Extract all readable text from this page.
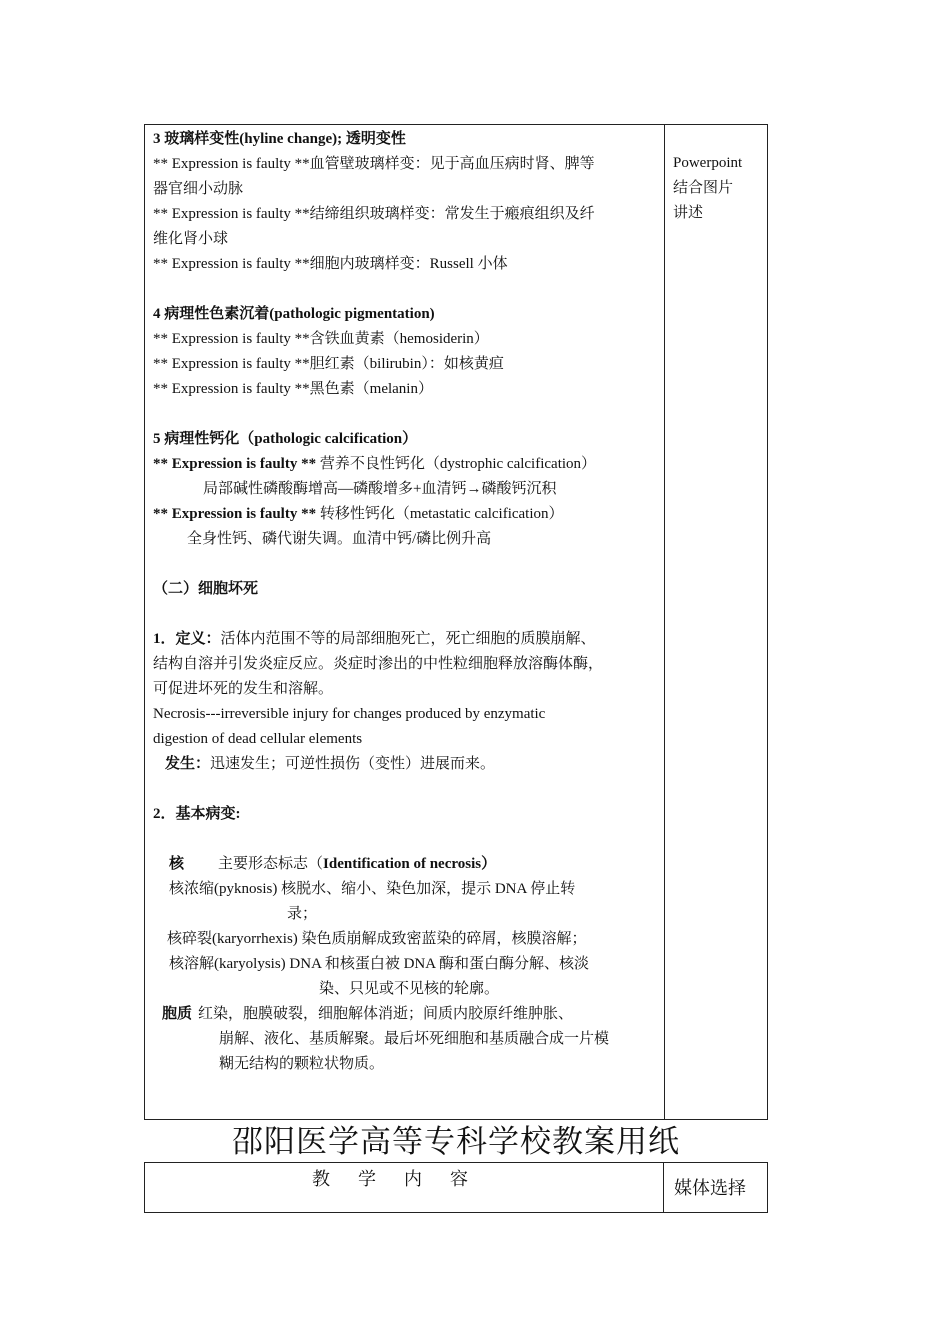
3 玻璃样变性(hyline change); 透明变性
** Expression is faulty **血管壁玻璃样变：见于高血压病时肾、脾等
器官细小动脉
** Expression is faulty **结缔组织玻璃样变：常发生于瘢痕组织及纤
维化肾小球
** Expression is faulty **细胞内玻璃样变：Russell 小体
4 病理性色素沉着(pathologic pigmentation)
** Expression is faulty **含铁血黄素（hemosiderin）
** Expression is faulty **胆红素（bilirubin）：如核黄疸
** Expression is faulty **黑色素（melanin）
5 病理性钙化（pathologic calcification）
** Expression is faulty ** 营养不良性钙化（dystrophic calcification）
局部碱性磷酸酶增高—磷酸增多+血清钙→磷酸钙沉积
** Expression is faulty ** 转移性钙化（metastatic calcification）
全身性钙、磷代谢失调。血清中钙/磷比例升高
（二）细胞坏死
1．定义：活体内范围不等的局部细胞死亡，死亡细胞的质膜崩解、
结构自溶并引发炎症反应。炎症时渗出的中性粒细胞释放溶酶体酶，
可促进坏死的发生和溶解。
Necrosis---irreversible injury for changes produced by enzymatic
digestion of dead cellular elements
发生：迅速发生；可逆性损伤（变性）进展而来。
2．基本病变:
核 主要形态标志（Identification of necrosis）
核浓缩(pyknosis) 核脱水、缩小、染色加深，提示 DNA 停止转
录；
核碎裂(karyorrhexis) 染色质崩解成致密蓝染的碎屑，核膜溶解；
核溶解(karyolysis) DNA 和核蛋白被 DNA 酶和蛋白酶分解、核淡
染、只见或不见核的轮廓。
胞质 红染，胞膜破裂，细胞解体消逝；间质内胶原纤维肿胀、
崩解、液化、基质解聚。最后坏死细胞和基质融合成一片模
糊无结构的颗粒状物质。
Powerpoint
结合图片
讲述
邵阳医学高等专科学校教案用纸
教学内容	媒体选择
